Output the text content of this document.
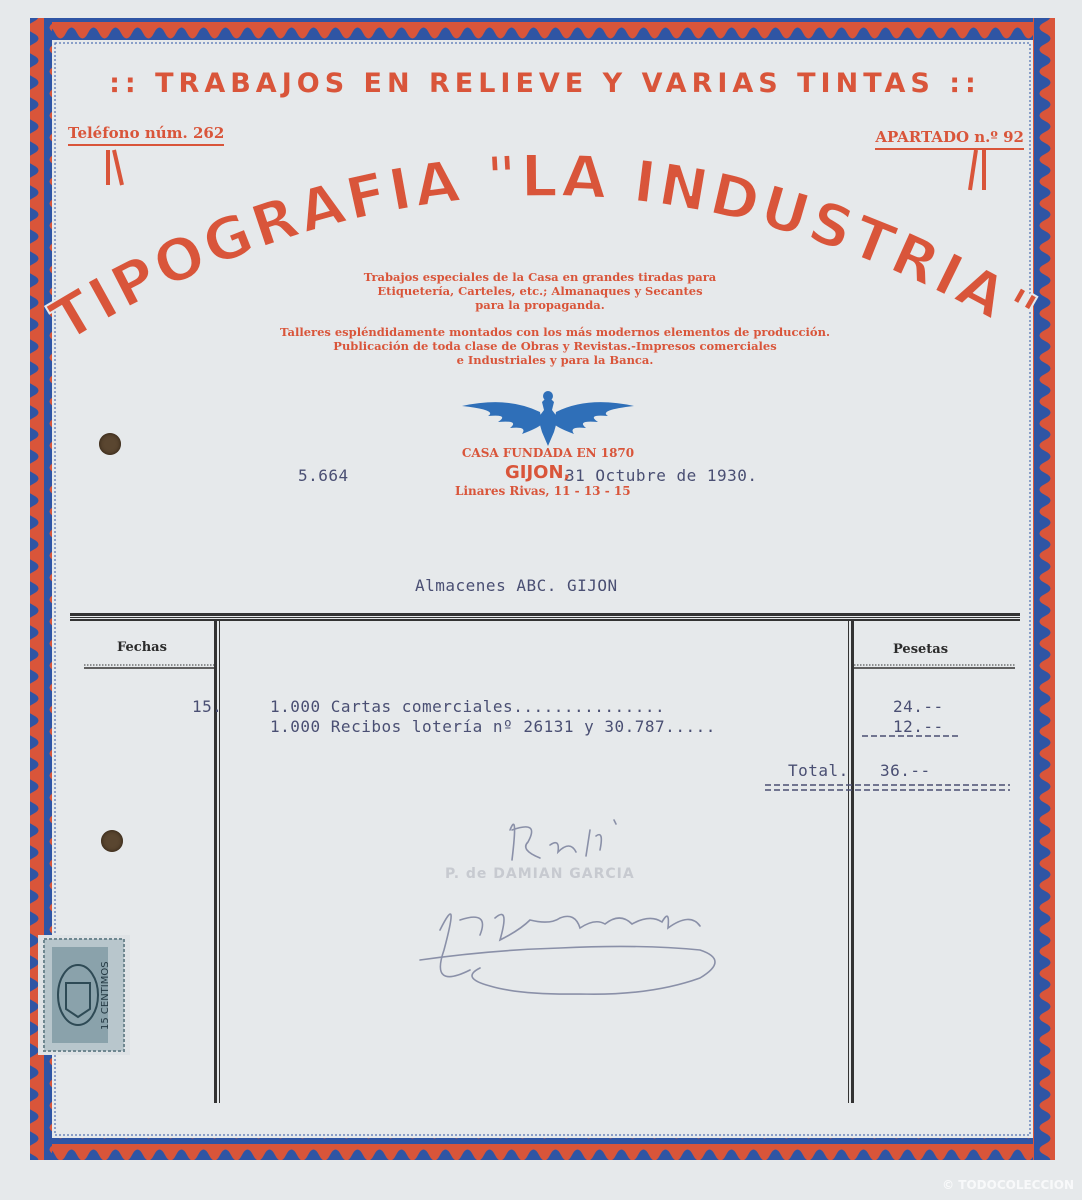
:: TRABAJOS EN RELIEVE Y VARIAS TINTAS ::
Teléfono núm. 262	APARTADO n.º 92
TIPOGRAFIA "LA INDUSTRIA"
Trabajos especiales de la Casa en grandes tiradas para
Etiquetería, Carteles, etc.; Almanaques y Secantes
para la propaganda.
Talleres espléndidamente montados con los más modernos elementos de producción.
Publicación de toda clase de Obras y Revistas.-Impresos comerciales
e Industriales y para la Banca.
CASA FUNDADA EN 1870
GIJON,
Linares Rivas, 11 - 13 - 15
5.664	31 Octubre de 1930.
Almacenes ABC. GIJON
Fechas	Pesetas
15.	1.000 Cartas comerciales...............	24.--
1.000 Recibos lotería nº 26131 y 30.787.....	12.--
Total. 36.--
P. de DAMIAN GARCIA
15 CENTIMOS
© TODOCOLECCION
